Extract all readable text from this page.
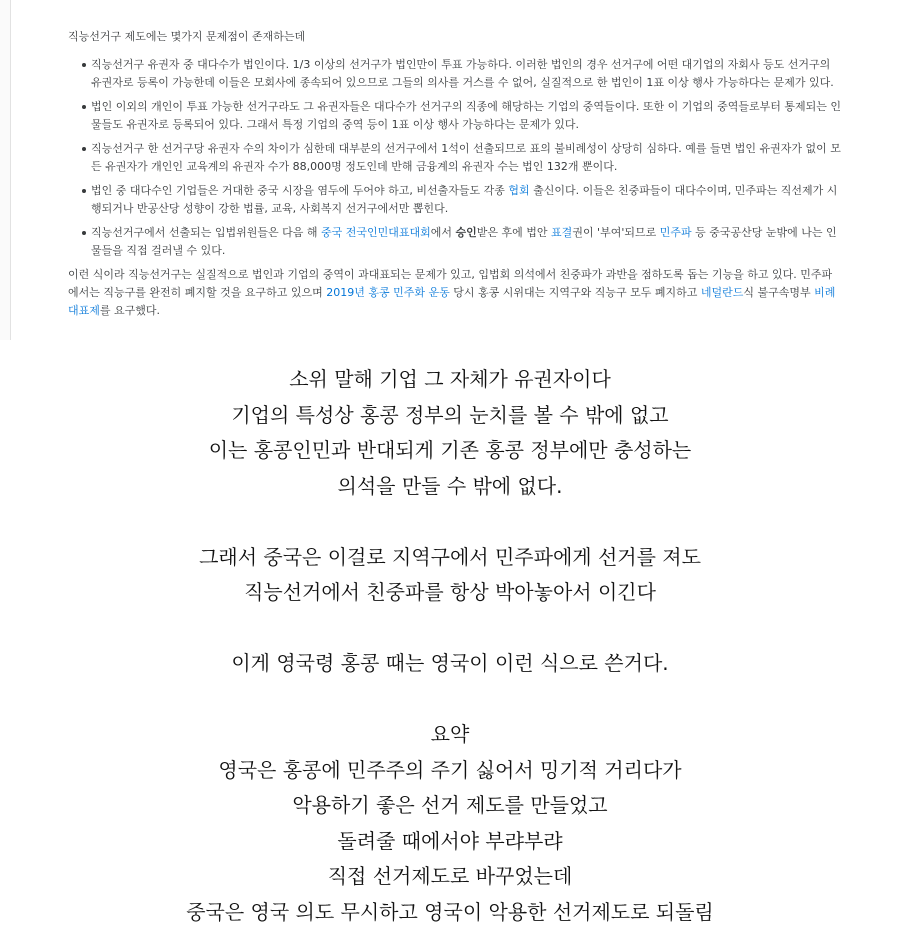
직능선거구 제도에는 몇가지 문제점이 존재하는데

직능선거구 유권자 중 대다수가 법인이다. 1/3 이상의 선거구가 법인만이 투표 가능하다. 이러한 법인의 경우 선거구에 어떤 대기업의 자회사 등도 선거구의 유권자로 등록이 가능한데 이들은 모회사에 종속되어 있으므로 그들의 의사를 거스를 수 없어, 실질적으로 한 법인이 1표 이상 행사 가능하다는 문제가 있다.
법인 이외의 개인이 투표 가능한 선거구라도 그 유권자들은 대다수가 선거구의 직종에 해당하는 기업의 중역들이다. 또한 이 기업의 중역들로부터 통제되는 인물들도 유권자로 등록되어 있다. 그래서 특정 기업의 중역 등이 1표 이상 행사 가능하다는 문제가 있다.
직능선거구 한 선거구당 유권자 수의 차이가 심한데 대부분의 선거구에서 1석이 선출되므로 표의 불비례성이 상당히 심하다. 예를 들면 법인 유권자가 없이 모든 유권자가 개인인 교육계의 유권자 수가 88,000명 정도인데 반해 금융계의 유권자 수는 법인 132개 뿐이다.
법인 중 대다수인 기업들은 거대한 중국 시장을 염두에 두어야 하고, 비선출자들도 각종 협회 출신이다. 이들은 친중파들이 대다수이며, 민주파는 직선제가 시행되거나 반공산당 성향이 강한 법률, 교육, 사회복지 선거구에서만 뽑힌다.
직능선거구에서 선출되는 입법위원들은 다음 해 중국 전국인민대표대회에서 승인받은 후에 법안 표결권이 '부여'되므로 민주파 등 중국공산당 눈밖에 나는 인물들을 직접 걸러낼 수 있다.

이런 식이라 직능선거구는 실질적으로 법인과 기업의 중역이 과대표되는 문제가 있고, 입법회 의석에서 친중파가 과반을 점하도록 돕는 기능을 하고 있다. 민주파에서는 직능구를 완전히 폐지할 것을 요구하고 있으며 2019년 홍콩 민주화 운동 당시 홍콩 시위대는 지역구와 직능구 모두 폐지하고 네덜란드식 불구속명부 비례대표제를 요구했다.

소위 말해 기업 그 자체가 유권자이다
기업의 특성상 홍콩 정부의 눈치를 볼 수 밖에 없고
이는 홍콩인민과 반대되게 기존 홍콩 정부에만 충성하는
의석을 만들 수 밖에 없다.
그래서 중국은 이걸로 지역구에서 민주파에게 선거를 져도
직능선거에서 친중파를 항상 박아놓아서 이긴다
이게 영국령 홍콩 때는 영국이 이런 식으로 쓴거다.
요약
영국은 홍콩에 민주주의 주기 싫어서 밍기적 거리다가
악용하기 좋은 선거 제도를 만들었고
돌려줄 때에서야 부랴부랴
직접 선거제도로 바꾸었는데
중국은 영국 의도 무시하고 영국이 악용한 선거제도로 되돌림
